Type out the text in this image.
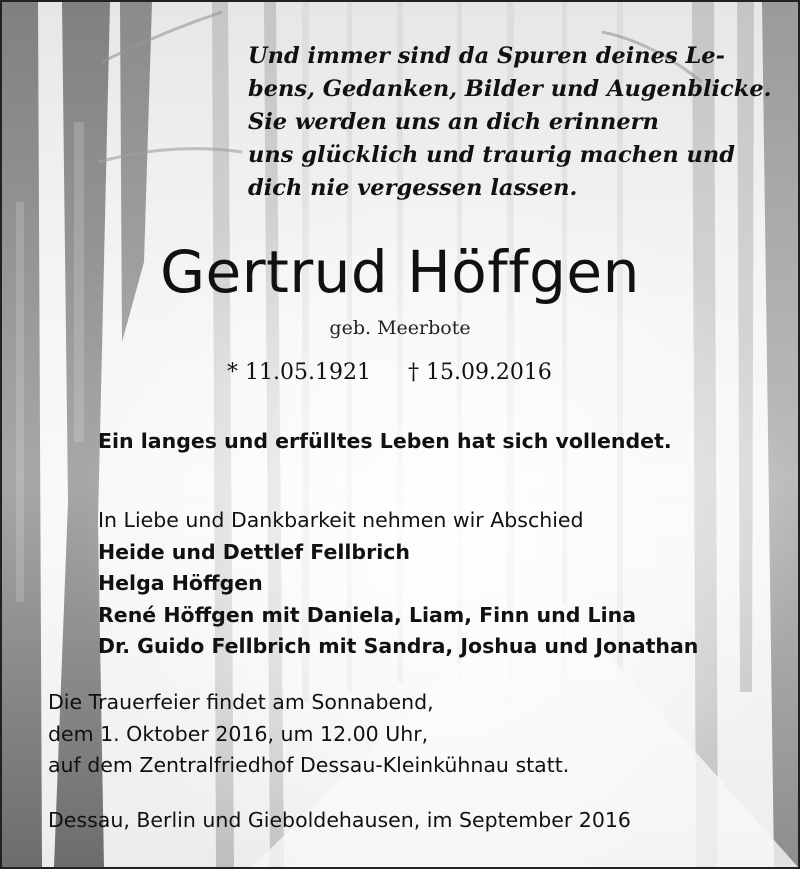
Und immer sind da Spuren deines Le-
bens, Gedanken, Bilder und Augenblicke.
Sie werden uns an dich erinnern
uns glücklich und traurig machen und
dich nie vergessen lassen.
Gertrud Höffgen
geb. Meerbote
* 11.05.1921 † 15.09.2016
Ein langes und erfülltes Leben hat sich vollendet.
In Liebe und Dankbarkeit nehmen wir Abschied
Heide und Dettlef Fellbrich
Helga Höffgen
René Höffgen mit Daniela, Liam, Finn und Lina
Dr. Guido Fellbrich mit Sandra, Joshua und Jonathan
Die Trauerfeier findet am Sonnabend,
dem 1. Oktober 2016, um 12.00 Uhr,
auf dem Zentralfriedhof Dessau-Kleinkühnau statt.
Dessau, Berlin und Gieboldehausen, im September 2016
